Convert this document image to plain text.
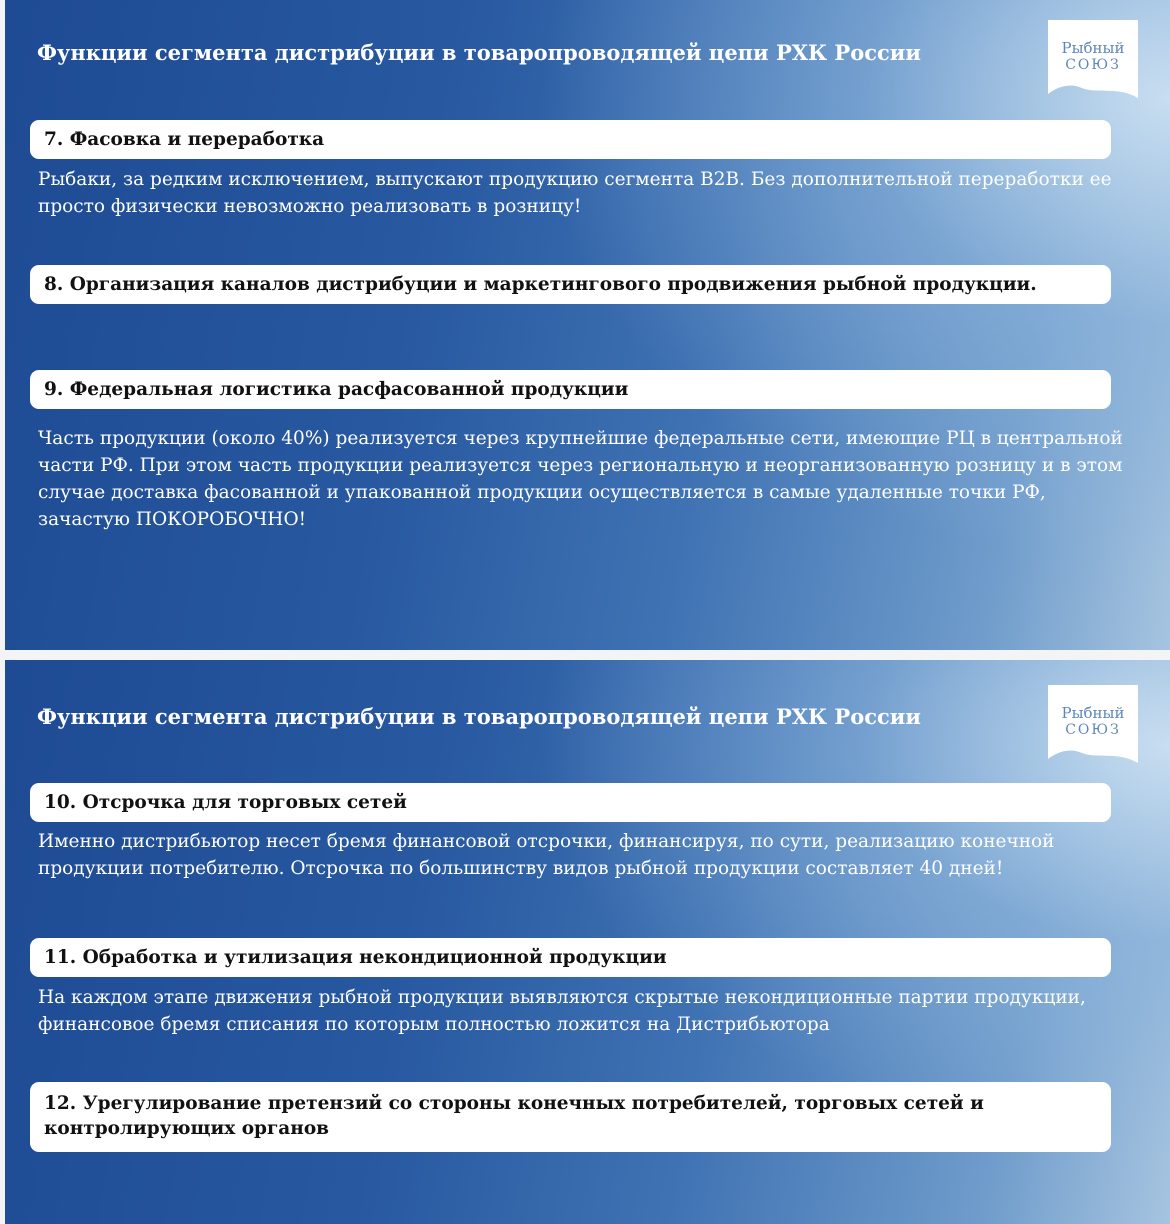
Функции сегмента дистрибуции в товаропроводящей цепи РХК России	Рыбный
СОЮЗ
7. Фасовка и переработка

Рыбаки, за редким исключением, выпускают продукцию сегмента B2B. Без дополнительной переработки ее просто физически невозможно реализовать в розницу!

8. Организация каналов дистрибуции и маркетингового продвижения рыбной продукции.
9. Федеральная логистика расфасованной продукции

Часть продукции (около 40%) реализуется через крупнейшие федеральные сети, имеющие РЦ в центральной части РФ. При этом часть продукции реализуется через региональную и неорганизованную розницу и в этом случае доставка фасованной и упакованной продукции осуществляется в самые удаленные точки РФ, зачастую ПОКОРОБОЧНО!

Функции сегмента дистрибуции в товаропроводящей цепи РХК России	Рыбный
СОЮЗ
10. Отсрочка для торговых сетей

Именно дистрибьютор несет бремя финансовой отсрочки, финансируя, по сути, реализацию конечной продукции потребителю. Отсрочка по большинству видов рыбной продукции составляет 40 дней!

11. Обработка и утилизация некондиционной продукции

На каждом этапе движения рыбной продукции выявляются скрытые некондиционные партии продукции, финансовое бремя списания по которым полностью ложится на Дистрибьютора

12. Урегулирование претензий со стороны конечных потребителей, торговых сетей и контролирующих органов
